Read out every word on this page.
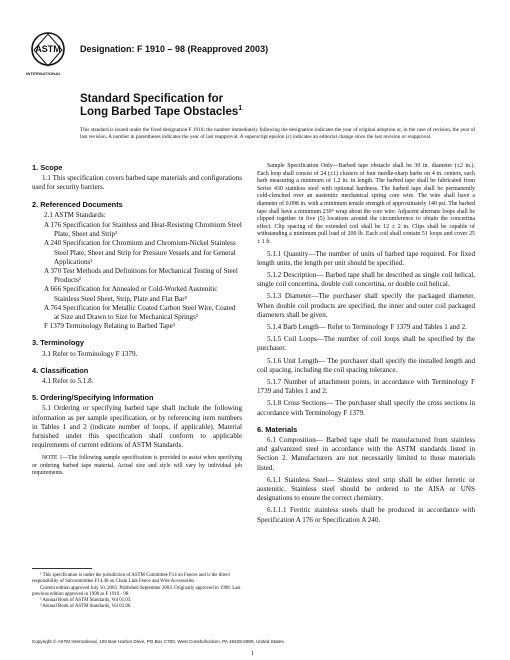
ASTM
INTERNATIONAL
Designation: F 1910 – 98 (Reapproved 2003)
Standard Specification for
Long Barbed Tape Obstacles$^1$
This standard is issued under the fixed designation F 1910; the number immediately following the designation indicates the year of original adoption or, in the case of revision, the year of last revision. A number in parentheses indicates the year of last reapproval. A superscript epsilon (ε) indicates an editorial change since the last revision or reapproval.
1. Scope
1.1 This specification covers barbed tape materials and configurations used for security barriers.
2. Referenced Documents
2.1 ASTM Standards:
A 176 Specification for Stainless and Heat-Resisting Chromium Steel Plate, Sheet and Strip²
A 240 Specification for Chromium and Chromium-Nickel Stainless Steel Plate, Sheet and Strip for Pressure Vessels and for General Applications²
A 370 Test Methods and Definitions for Mechanical Testing of Steel Products²
A 666 Specification for Annealed or Cold-Worked Austenitic Stainless Steel Sheet, Strip, Plate and Flat Bar²
A 764 Specification for Metallic Coated Carbon Steel Wire, Coated at Size and Drawn to Size for Mechanical Springs²
F 1379 Terminology Relating to Barbed Tape³
3. Terminology
3.1 Refer to Terminology F 1379.
4. Classification
4.1 Refer to 5.1.8.
5. Ordering/Specifying Information
5.1 Ordering or specifying barbed tape shall include the following information as per sample specification, or by referencing item numbers in Tables 1 and 2 (indicate number of loops, if applicable). Material furnished under this specification shall conform to applicable requirements of current editions of ASTM Standards.
NOTE 1—The following sample specification is provided to assist when specifying or ordering barbed tape material. Actual size and style will vary by individual job requirements.
¹ This specification is under the jurisdiction of ASTM Committee F14 on Fences and is the direct responsibility of Subcommittee F14.40 on Chain Link Fence and Wire Accessories.
Current edition approved July 10, 2003. Published September 2003. Originally approved in 1998. Last previous edition approved in 1998 as F 1910 - 98.
² Annual Book of ASTM Standards, Vol 01.03.
³ Annual Book of ASTM Standards, Vol 01.06.
Sample Specification Only—Barbed tape obstacle shall be 30 in. diameter (±2 in.). Each loop shall consist of 24 (±1) clusters of four needle-sharp barbs on 4 in. centers, each barb measuring a minimum of 1.2 in. in length. The barbed tape shall be fabricated from Series 430 stainless steel with optional hardness. The barbed tape shall be permanently cold-clenched over an austenitic mechanical spring core wire. The wire shall have a diameter of 0.098 in. with a minimum tensile strength of approximately 140 psi. The barbed tape shall have a minimum 230° wrap about the core wire. Adjacent alternate loops shall be clipped together in five (5) locations around the circumference to obtain the concertina effect. Clip spacing of the extended coil shall be 12 ± 2 in. Clips shall be capable of withstanding a minimum pull load of 200 lb. Each coil shall contain 51 loops and cover 25 ± 1 ft.
5.1.1 Quantity—The number of units of barbed tape required. For fixed length units, the length per unit should be specified.
5.1.2 Description— Barbed tape shall be described as single coil helical, single coil concertina, double coil concertina, or double coil helical.
5.1.3 Diameter—The purchaser shall specify the packaged diameter. When double coil products are specified, the inner and outer coil packaged diameters shall be given.
5.1.4 Barb Length— Refer to Terminology F 1379 and Tables 1 and 2.
5.1.5 Coil Loops—The number of coil loops shall be specified by the purchaser.
5.1.6 Unit Length— The purchaser shall specify the installed length and coil spacing, including the coil spacing tolerance.
5.1.7 Number of attachment points, in accordance with Terminology F 1739 and Tables 1 and 2.
5.1.8 Cross Sections— The purchaser shall specify the cross sections in accordance with Terminology F 1379.
6. Materials
6.1 Composition— Barbed tape shall be manufactured from stainless and galvanized steel in accordance with the ASTM standards listed in Section 2. Manufacturers are not necessarily limited to those materials listed.
6.1.1 Stainless Steel— Stainless steel strip shall be either ferretic or austenitic. Stainless steel should be ordered to the AISA or UNS designations to ensure the correct chemistry.
6.1.1.1 Ferritic stainless steels shall be produced in accordance with Specification A 176 or Specification A 240.
Copyright © ASTM International, 100 Barr Harbor Drive, PO Box C700, West Conshohocken, PA 19428-2959, United States.
1
